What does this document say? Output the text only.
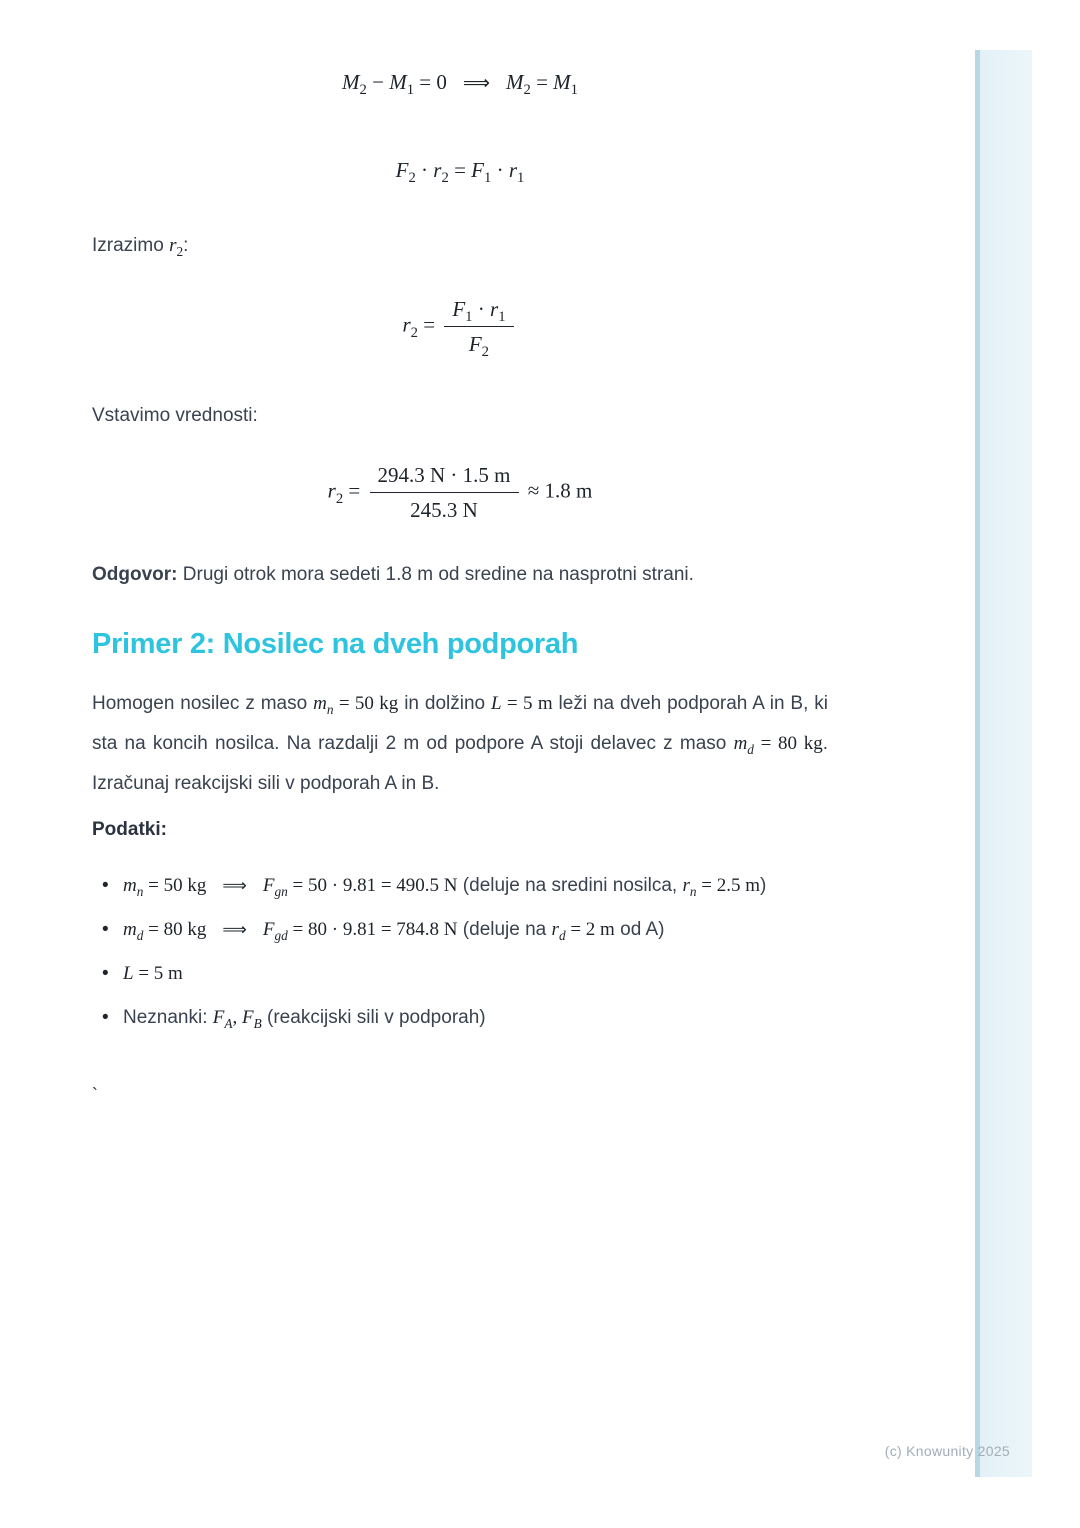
$M_2 - M_1 = 0$ ⟹ $M_2 = M_1$
$F_2 \cdot r_2 = F_1 \cdot r_1$
Izrazimo $r_2$:
$r_2 = \frac{F_1 \cdot r_1}{F_2}$
Vstavimo vrednosti:
$r_2 = \frac{294.3 N \cdot 1.5 m}{245.3 N} \approx 1.8$ m
Odgovor: Drugi otrok mora sedeti 1.8 m od sredine na nasprotni strani.
Primer 2: Nosilec na dveh podporah

Homogen nosilec z maso $m_n = 50$ kg in dolžino L = 5 m leži na dveh podporah A in B, ki sta na koncih nosilca. Na razdalji 2 m od podpore A stoji delavec z maso $m_d = 80$ kg. Izračunaj reakcijski sili v podporah A in B.

Podatki:
• $m_n = 50$ kg ⟹ $F_{gn} = 50 \cdot 9.81 = 490.5$ N (deluje na sredini nosilca, $r_n = 2.5$ m)
• $m_d = 80$ kg ⟹ $F_{gd} = 80 \cdot 9.81 = 784.8$ N (deluje na $r_d = 2$ m od A)
• L = 5 m
• Neznanki: $F_A$, $F_B$ (reakcijski sili v podporah)
`
(c) Knowunity 2025
